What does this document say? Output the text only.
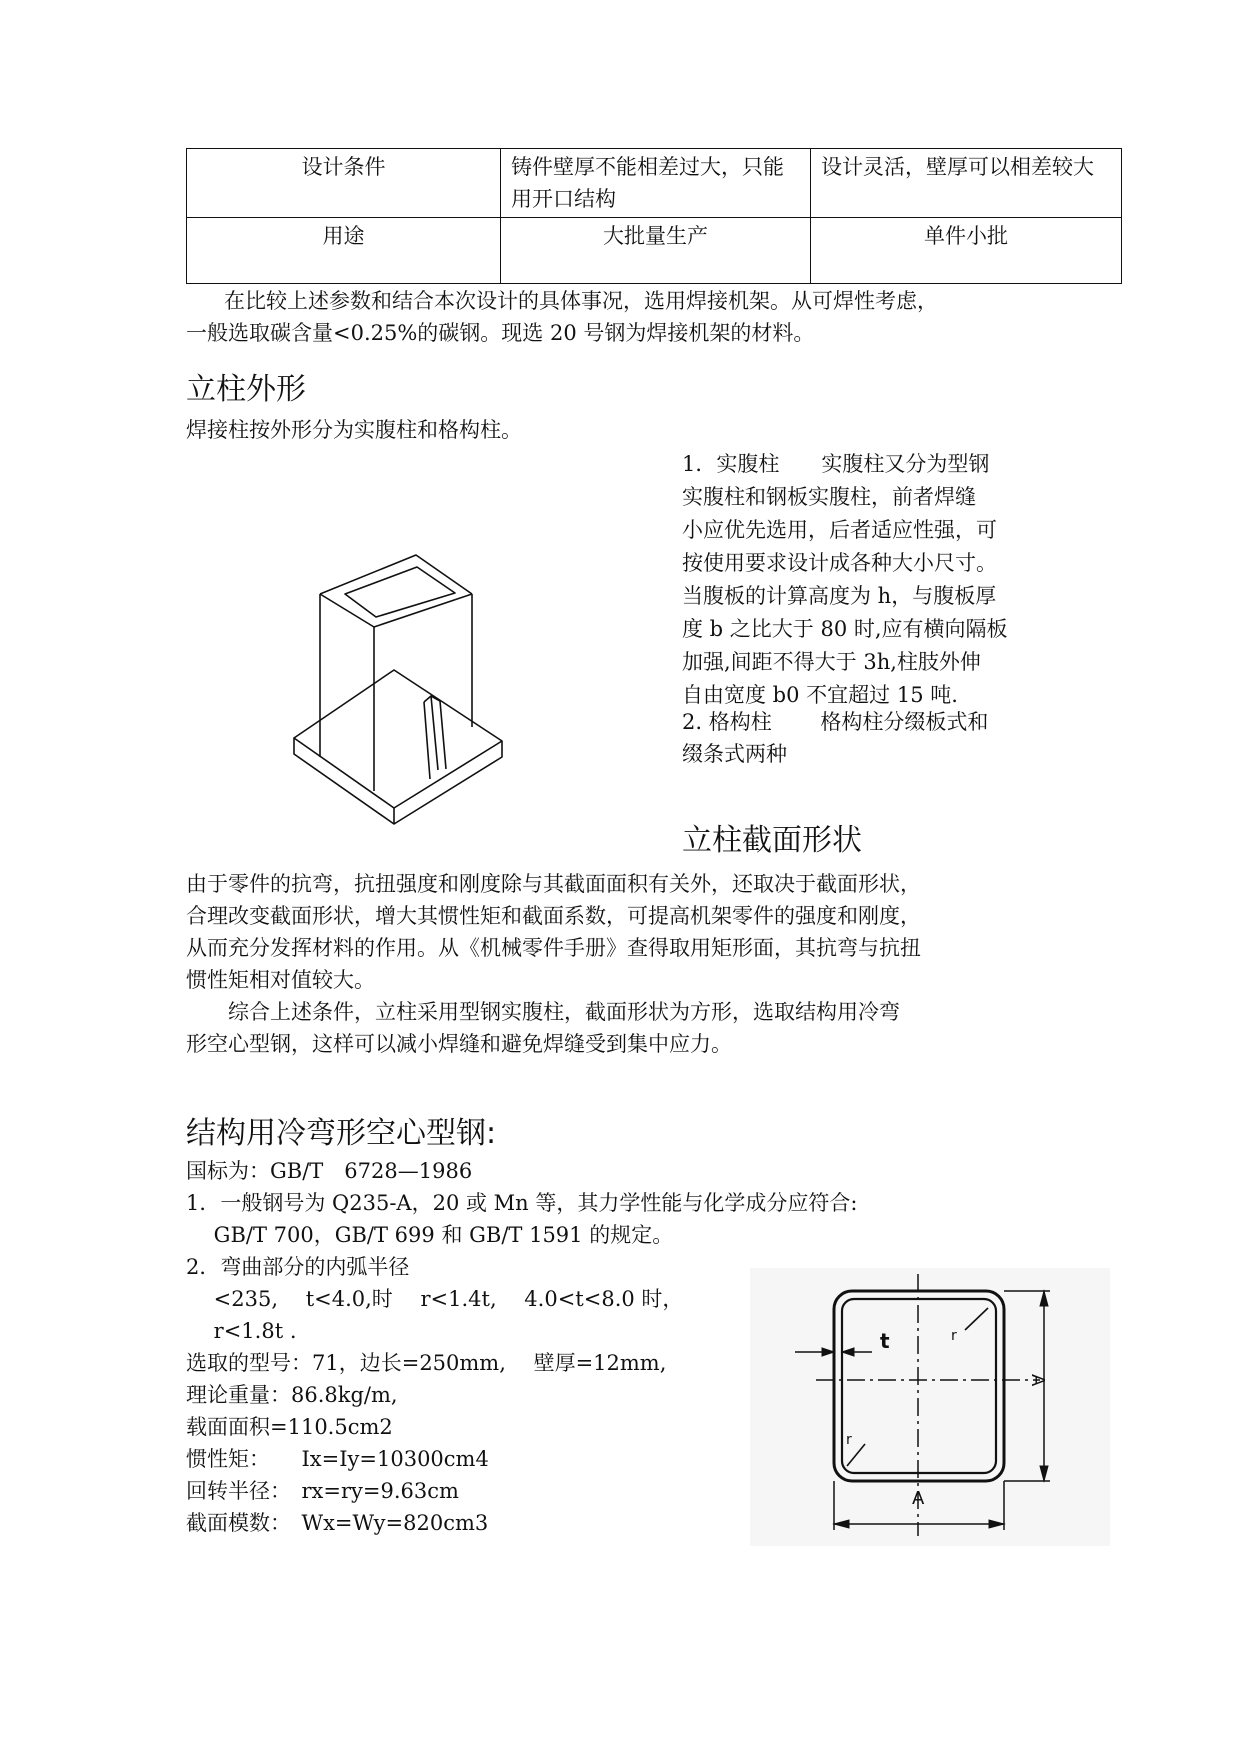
设计条件	铸件壁厚不能相差过大，只能用开口结构	设计灵活，壁厚可以相差较大
用途	大批量生产	单件小批
在比较上述参数和结合本次设计的具体事况，选用焊接机架。从可焊性考虑，
一般选取碳含量<0.25%的碳钢。现选 20 号钢为焊接机架的材料。
立柱外形
焊接柱按外形分为实腹柱和格构柱。
1．实腹柱　　实腹柱又分为型钢
实腹柱和钢板实腹柱，前者焊缝
小应优先选用，后者适应性强，可
按使用要求设计成各种大小尺寸。
当腹板的计算高度为 h，与腹板厚
度 b 之比大于 80 时,应有横向隔板
加强,间距不得大于 3h,柱肢外伸
自由宽度 b0 不宜超过 15 吨.
2. 格构柱　　 格构柱分缀板式和
缀条式两种
立柱截面形状
由于零件的抗弯，抗扭强度和刚度除与其截面面积有关外，还取决于截面形状，
合理改变截面形状，增大其惯性矩和截面系数，可提高机架零件的强度和刚度，
从而充分发挥材料的作用。从《机械零件手册》查得取用矩形面，其抗弯与抗扭
惯性矩相对值较大。
　　综合上述条件，立柱采用型钢实腹柱，截面形状为方形，选取结构用冷弯
形空心型钢，这样可以减小焊缝和避免焊缝受到集中应力。
结构用冷弯形空心型钢:
国标为：GB/T　6728—1986
1．一般钢号为 Q235-A，20 或 Mn 等，其力学性能与化学成分应符合:
　 GB/T 700，GB/T 699 和 GB/T 1591 的规定。
2．弯曲部分的内弧半径
　 <235,　 t<4.0,时　 r<1.4t,　 4.0<t<8.0 时，
　 r<1.8t .
选取的型号：71，边长=250mm,　 壁厚=12mm,
理论重量：86.8kg/m,
载面面积=110.5cm2
惯性矩：　　Ix=Iy=10300cm4
回转半径：　rx=ry=9.63cm
截面模数：　Wx=Wy=820cm3
t	r
r
A
A
